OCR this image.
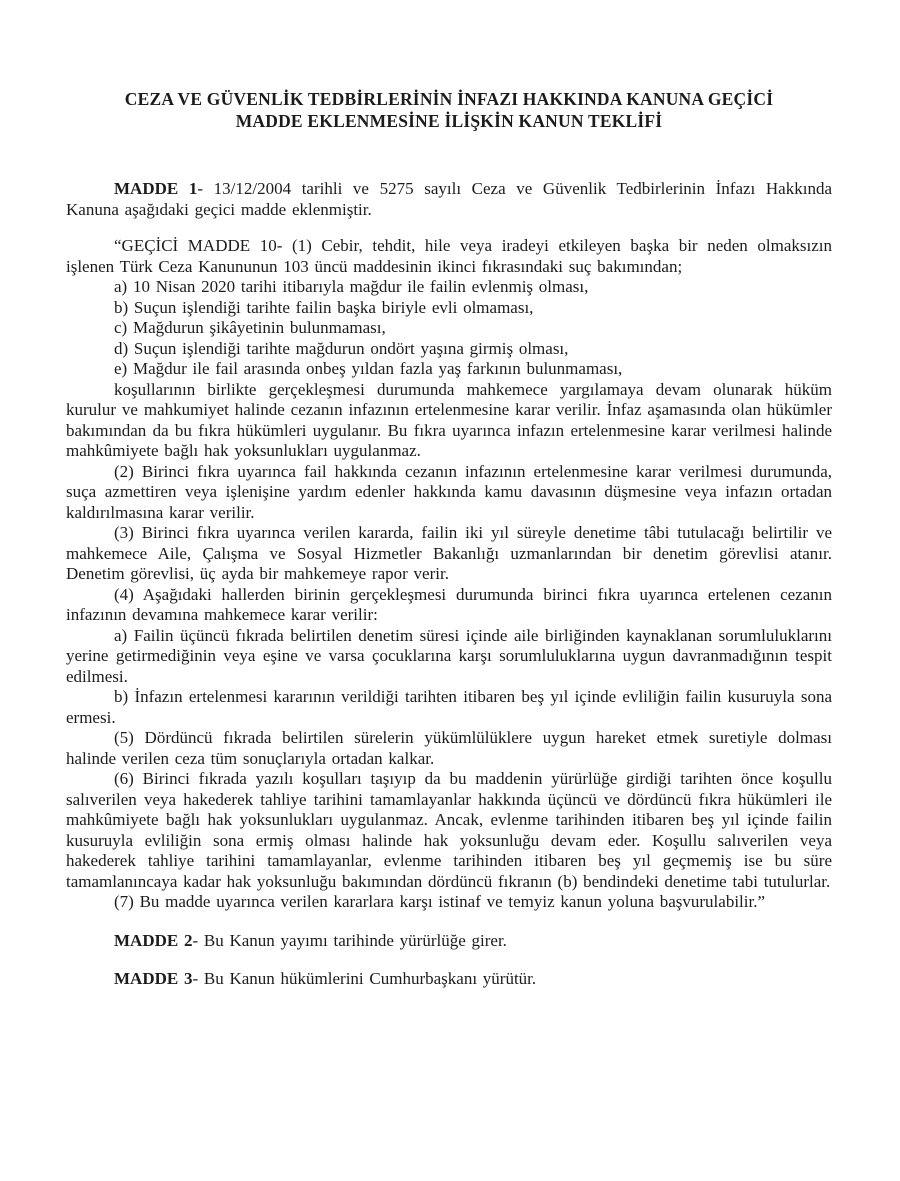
CEZA VE GÜVENLİK TEDBİRLERİNİN İNFAZI HAKKINDA KANUNA GEÇİCİ
MADDE EKLENMESİNE İLİŞKİN KANUN TEKLİFİ

MADDE 1- 13/12/2004 tarihli ve 5275 sayılı Ceza ve Güvenlik Tedbirlerinin İnfazı Hakkında Kanuna aşağıdaki geçici madde eklenmiştir.

“GEÇİCİ MADDE 10- (1) Cebir, tehdit, hile veya iradeyi etkileyen başka bir neden olmaksızın işlenen Türk Ceza Kanununun 103 üncü maddesinin ikinci fıkrasındaki suç bakımından;

a) 10 Nisan 2020 tarihi itibarıyla mağdur ile failin evlenmiş olması,

b) Suçun işlendiği tarihte failin başka biriyle evli olmaması,

c) Mağdurun şikâyetinin bulunmaması,

d) Suçun işlendiği tarihte mağdurun ondört yaşına girmiş olması,

e) Mağdur ile fail arasında onbeş yıldan fazla yaş farkının bulunmaması,

koşullarının birlikte gerçekleşmesi durumunda mahkemece yargılamaya devam olunarak hüküm kurulur ve mahkumiyet halinde cezanın infazının ertelenmesine karar verilir. İnfaz aşamasında olan hükümler bakımından da bu fıkra hükümleri uygulanır. Bu fıkra uyarınca infazın ertelenmesine karar verilmesi halinde mahkûmiyete bağlı hak yoksunlukları uygulanmaz.

(2) Birinci fıkra uyarınca fail hakkında cezanın infazının ertelenmesine karar verilmesi durumunda, suça azmettiren veya işlenişine yardım edenler hakkında kamu davasının düşmesine veya infazın ortadan kaldırılmasına karar verilir.

(3) Birinci fıkra uyarınca verilen kararda, failin iki yıl süreyle denetime tâbi tutulacağı belirtilir ve mahkemece Aile, Çalışma ve Sosyal Hizmetler Bakanlığı uzmanlarından bir denetim görevlisi atanır. Denetim görevlisi, üç ayda bir mahkemeye rapor verir.

(4) Aşağıdaki hallerden birinin gerçekleşmesi durumunda birinci fıkra uyarınca ertelenen cezanın infazının devamına mahkemece karar verilir:

a) Failin üçüncü fıkrada belirtilen denetim süresi içinde aile birliğinden kaynaklanan sorumluluklarını yerine getirmediğinin veya eşine ve varsa çocuklarına karşı sorumluluklarına uygun davranmadığının tespit edilmesi.

b) İnfazın ertelenmesi kararının verildiği tarihten itibaren beş yıl içinde evliliğin failin kusuruyla sona ermesi.

(5) Dördüncü fıkrada belirtilen sürelerin yükümlülüklere uygun hareket etmek suretiyle dolması halinde verilen ceza tüm sonuçlarıyla ortadan kalkar.

(6) Birinci fıkrada yazılı koşulları taşıyıp da bu maddenin yürürlüğe girdiği tarihten önce koşullu salıverilen veya hakederek tahliye tarihini tamamlayanlar hakkında üçüncü ve dördüncü fıkra hükümleri ile mahkûmiyete bağlı hak yoksunlukları uygulanmaz. Ancak, evlenme tarihinden itibaren beş yıl içinde failin kusuruyla evliliğin sona ermiş olması halinde hak yoksunluğu devam eder. Koşullu salıverilen veya hakederek tahliye tarihini tamamlayanlar, evlenme tarihinden itibaren beş yıl geçmemiş ise bu süre tamamlanıncaya kadar hak yoksunluğu bakımından dördüncü fıkranın (b) bendindeki denetime tabi tutulurlar.

(7) Bu madde uyarınca verilen kararlara karşı istinaf ve temyiz kanun yoluna başvurulabilir.”

MADDE 2- Bu Kanun yayımı tarihinde yürürlüğe girer.

MADDE 3- Bu Kanun hükümlerini Cumhurbaşkanı yürütür.
